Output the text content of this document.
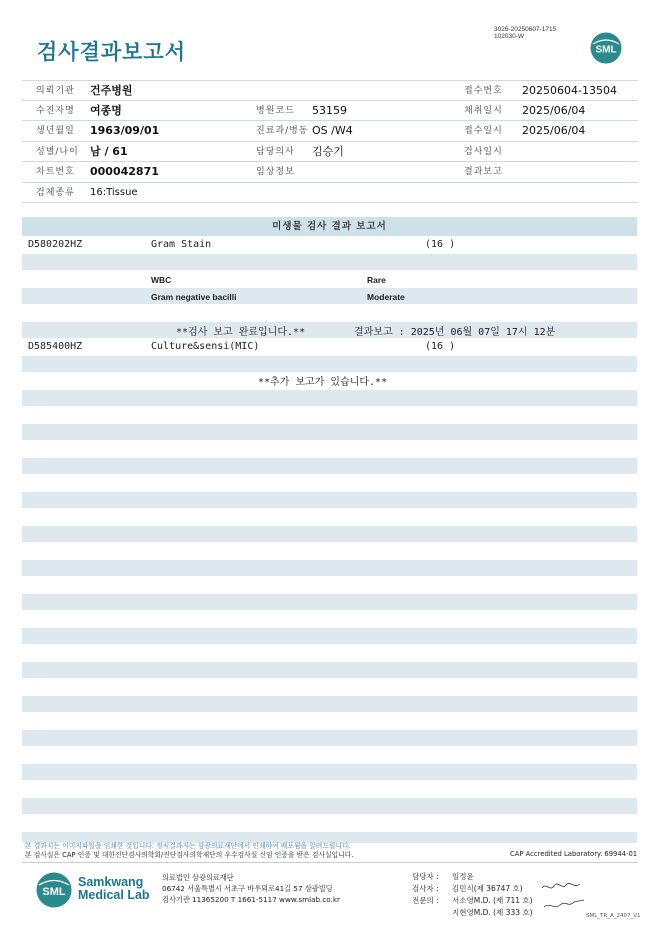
3026-20250607-1715
102030-W
검사결과보고서	SML
의뢰기관 건주병원	접수번호 20250604-13504
수진자명 여종명	병원코드 53159	채취일시 2025/06/04
생년월일 1963/09/01	진료과/병동 OS /W4	접수일시 2025/06/04
성별/나이 남 / 61	담당의사 김승기	검사일시
차트번호 000042871	임상정보	결과보고
검체종류 16:Tissue
미생물 검사 결과 보고서
D580202HZ	Gram Stain	(16 )
WBC	Rare
Gram negative bacilli	Moderate
**검사 보고 완료입니다.**	결과보고 : 2025년 06월 07일 17시 12분
D585400HZ	Culture&sensi(MIC)	(16 )
**추가 보고가 있습니다.**
본 결과지는 이미지파일을 인쇄한 것입니다. 정식결과지는 삼광의료재단에서 인쇄하여 배포됨을 알려드립니다.
본 검사실은 CAP 인증 및 대한진단검사의학회/진단검사의학재단의 우수검사실 신임 인증을 받은 검사실입니다.	CAP Accredited Laboratory. 69944-01
SML
Samkwang
Medical Lab
의료법인 삼광의료재단
06742 서울특별시 서초구 바우뫼로41길 57 삼광빌딩
검사기관 11365200 T 1661-5117 www.smlab.co.kr
담당자 : 임정윤
검사자 : 김민식(제 36747 호)
전문의 : 서소영M.D. (제 711 호)
지현영M.D. (제 333 호)	SML_TR_A_2407_V1
